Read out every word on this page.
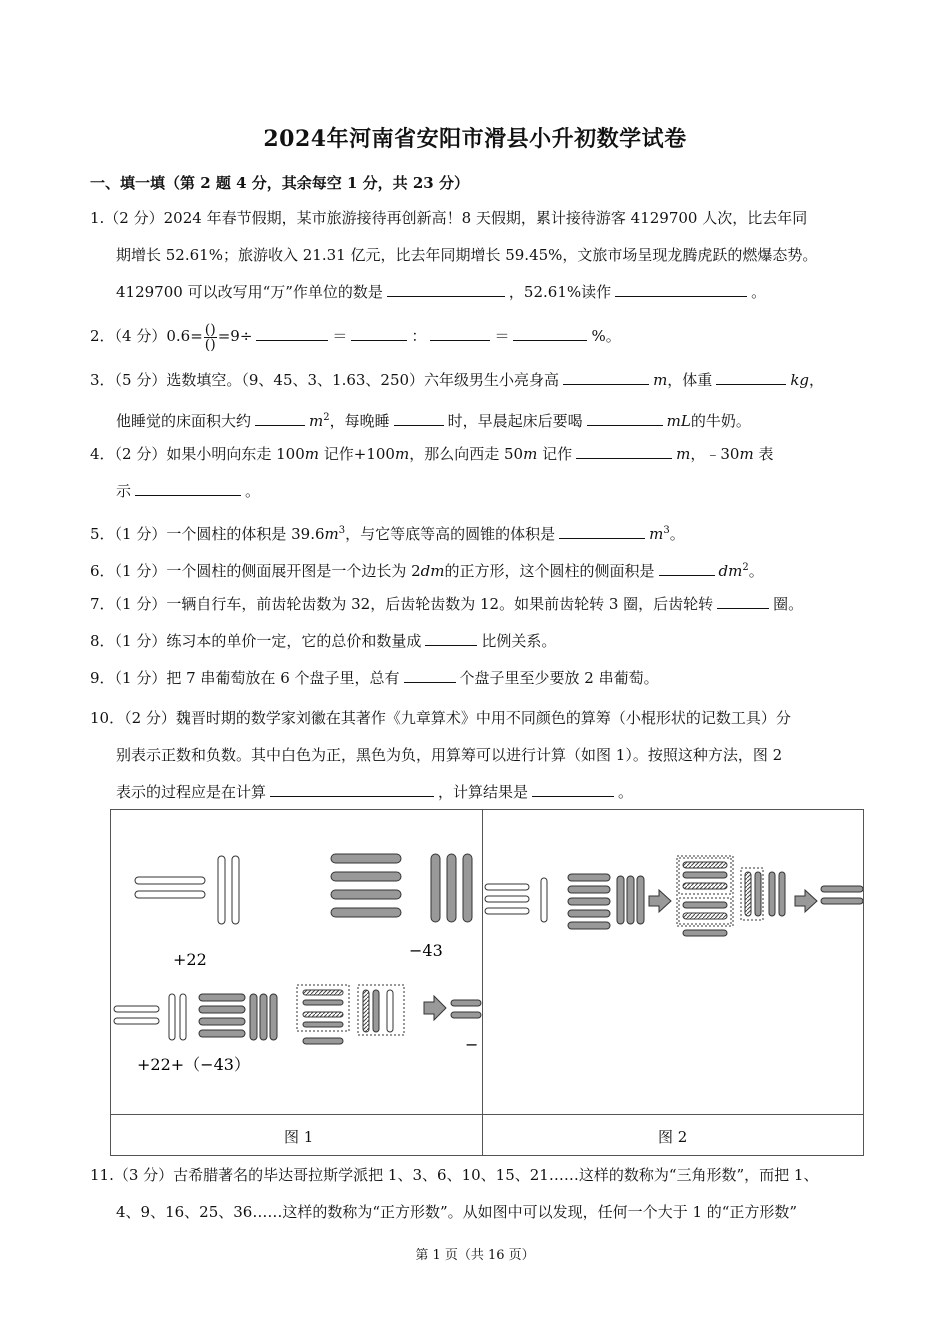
2024年河南省安阳市滑县小升初数学试卷
一、填一填（第 2 题 4 分，其余每空 1 分，共 23 分）
1.（2 分）2024 年春节假期，某市旅游接待再创新高！8 天假期，累计接待游客 4129700 人次，比去年同
期增长 52.61%；旅游收入 21.31 亿元，比去年同期增长 59.45%，文旅市场呈现龙腾虎跃的燃爆态势。
4129700 可以改写用“万”作单位的数是	，52.61%读作	。
2．（4 分）$0.6= \frac{()}{()} =9\div$	＝	：	＝	%。
3．（5 分）选数填空。（9、45、3、1.63、250）六年级男生小亮身高	m，体重	kg，
他睡觉的床面积大约	$m^2$，每晚睡	时，早晨起床后要喝	mL的牛奶。
4．（2 分）如果小明向东走 100m 记作+100m，那么向西走 50m 记作	m，﹣30m 表
示	。
5．（1 分）一个圆柱的体积是 $39.6m^3$，与它等底等高的圆锥的体积是	$m^3$。
6．（1 分）一个圆柱的侧面展开图是一个边长为 2dm的正方形，这个圆柱的侧面积是	$dm^2$。
7．（1 分）一辆自行车，前齿轮齿数为 32，后齿轮齿数为 12。如果前齿轮转 3 圈，后齿轮转	圈。
8．（1 分）练习本的单价一定，它的总价和数量成	比例关系。
9．（1 分）把 7 串葡萄放在 6 个盘子里，总有	个盘子里至少要放 2 串葡萄。
10．（2 分）魏晋时期的数学家刘徽在其著作《九章算术》中用不同颜色的算筹（小棍形状的记数工具）分
别表示正数和负数。其中白色为正，黑色为负，用算筹可以进行计算（如图 1）。按照这种方法，图 2
表示的过程应是在计算	，计算结果是	。
+22	−43
−
+22+（−43）
图 1	图 2
11.（3 分）古希腊著名的毕达哥拉斯学派把 1、3、6、10、15、21……这样的数称为“三角形数”，而把 1、
4、9、16、25、36……这样的数称为“正方形数”。从如图中可以发现，任何一个大于 1 的“正方形数”
第 1 页（共 16 页）
